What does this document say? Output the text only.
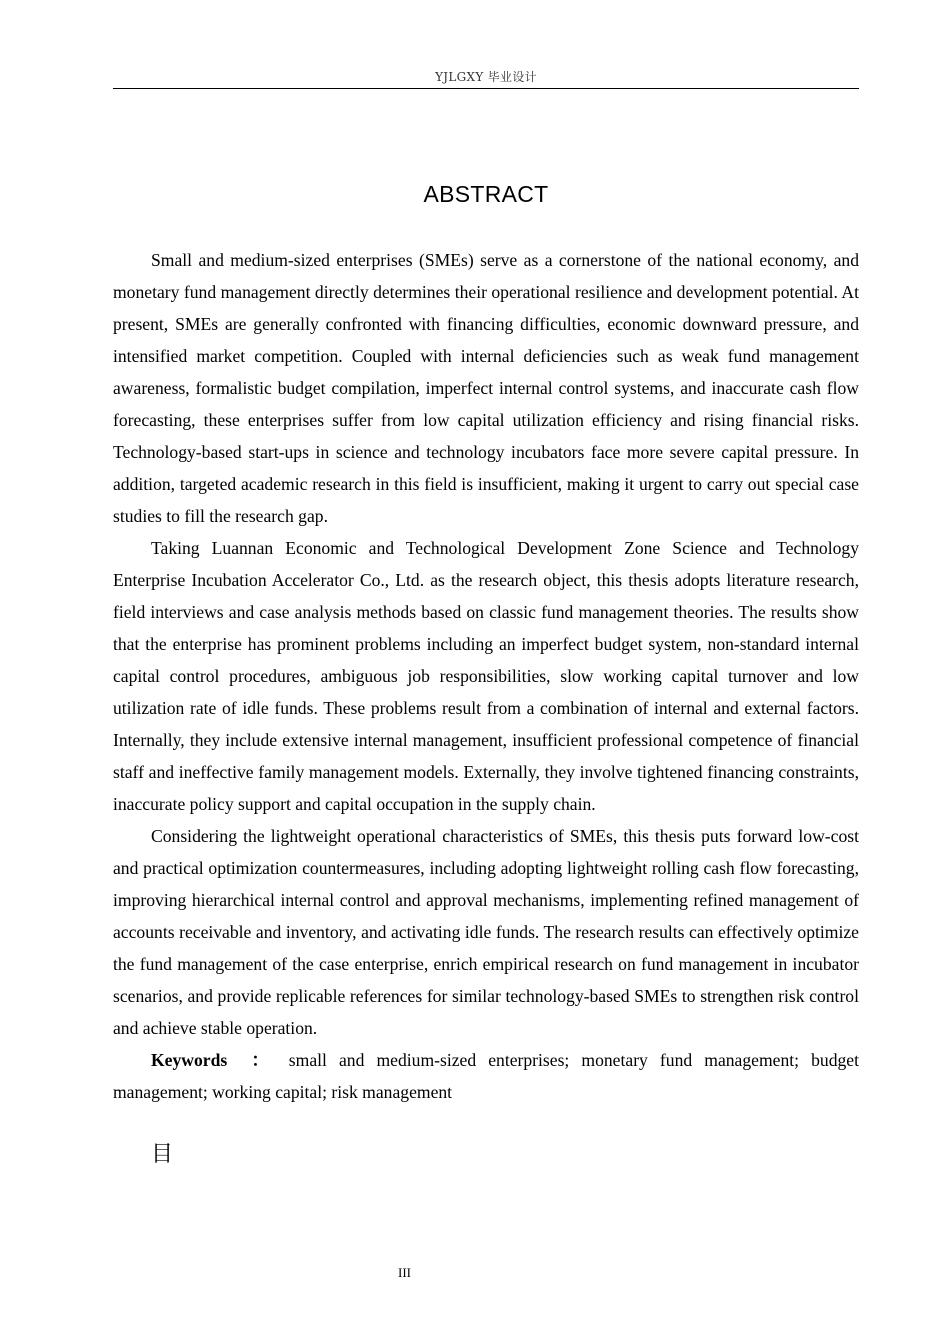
YJLGXY 毕业设计
ABSTRACT

Small and medium-sized enterprises (SMEs) serve as a cornerstone of the national economy, and monetary fund management directly determines their operational resilience and development potential. At present, SMEs are generally confronted with financing difficulties, economic downward pressure, and intensified market competition. Coupled with internal deficiencies such as weak fund management awareness, formalistic budget compilation, imperfect internal control systems, and inaccurate cash flow forecasting, these enterprises suffer from low capital utilization efficiency and rising financial risks. Technology-based start-ups in science and technology incubators face more severe capital pressure. In addition, targeted academic research in this field is insufficient, making it urgent to carry out special case studies to fill the research gap.

Taking Luannan Economic and Technological Development Zone Science and Technology Enterprise Incubation Accelerator Co., Ltd. as the research object, this thesis adopts literature research, field interviews and case analysis methods based on classic fund management theories. The results show that the enterprise has prominent problems including an imperfect budget system, non-standard internal capital control procedures, ambiguous job responsibilities, slow working capital turnover and low utilization rate of idle funds. These problems result from a combination of internal and external factors. Internally, they include extensive internal management, insufficient professional competence of financial staff and ineffective family management models. Externally, they involve tightened financing constraints, inaccurate policy support and capital occupation in the supply chain.

Considering the lightweight operational characteristics of SMEs, this thesis puts forward low-cost and practical optimization countermeasures, including adopting lightweight rolling cash flow forecasting, improving hierarchical internal control and approval mechanisms, implementing refined management of accounts receivable and inventory, and activating idle funds. The research results can effectively optimize the fund management of the case enterprise, enrich empirical research on fund management in incubator scenarios, and provide replicable references for similar technology-based SMEs to strengthen risk control and achieve stable operation.

Keywords  ： small and medium-sized enterprises; monetary fund management; budget management; working capital; risk management

目
III
